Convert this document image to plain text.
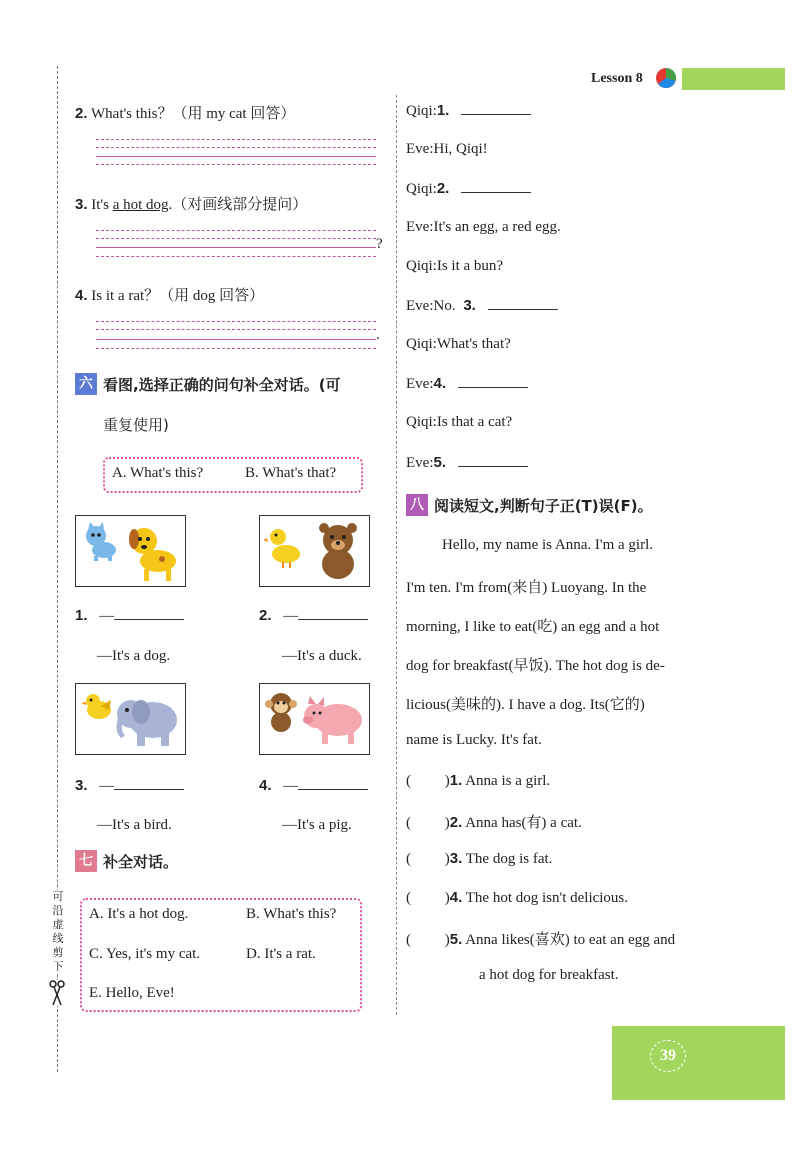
Lesson 8
可
沿
虚
线
剪
下
2. What's this？（用 my cat 回答）
3. It's a hot dog.（对画线部分提问）
?
4. Is it a rat？（用 dog 回答）
.
六 看图,选择正确的问句补全对话。(可
重复使用)
A. What's this?	B. What's that?
1. —
—It's a dog.
2. —
—It's a duck.
3. —
—It's a bird.
4. —
—It's a pig.
七 补全对话。
A. It's a hot dog.	B. What's this?
C. Yes, it's my cat.	D. It's a rat.
E. Hello, Eve!
Qiqi:1.
Eve:Hi, Qiqi!
Qiqi:2.
Eve:It's an egg, a red egg.
Qiqi:Is it a bun?
Eve:No. 3.
Qiqi:What's that?
Eve:4.
Qiqi:Is that a cat?
Eve:5.
八 阅读短文,判断句子正(T)误(F)。
Hello, my name is Anna. I'm a girl.
I'm ten. I'm from(来自) Luoyang. In the
morning, I like to eat(吃) an egg and a hot
dog for breakfast(早饭). The hot dog is de-
licious(美味的). I have a dog. Its(它的)
name is Lucky. It's fat.
(         )1. Anna is a girl.
(         )2. Anna has(有) a cat.
(         )3. The dog is fat.
(         )4. The hot dog isn't delicious.
(         )5. Anna likes(喜欢) to eat an egg and
a hot dog for breakfast.
39
